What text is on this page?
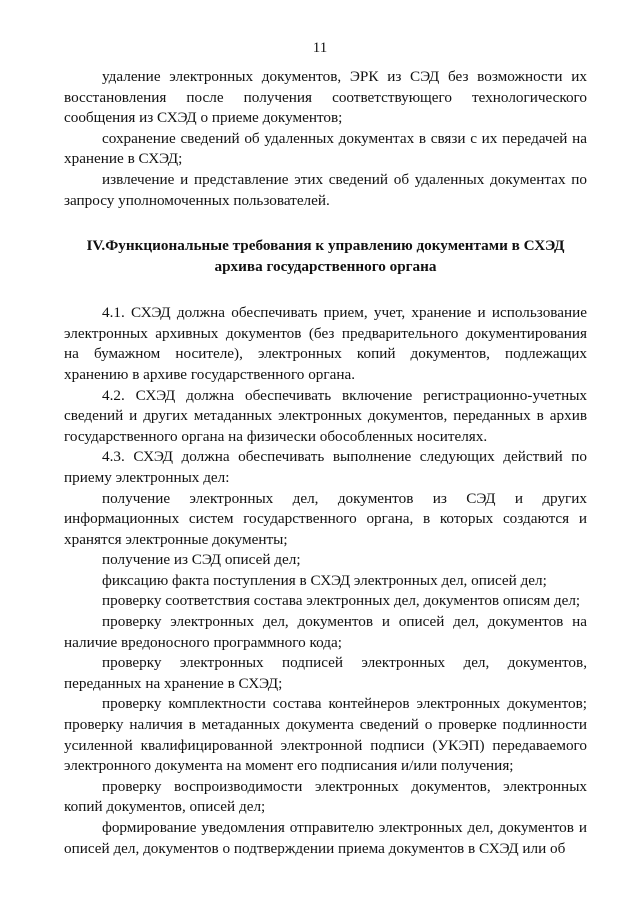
11

удаление электронных документов, ЭРК из СЭД без возможности их восстановления после получения соответствующего технологического сообщения из СХЭД о приеме документов;

сохранение сведений об удаленных документах в связи с их передачей на хранение в СХЭД;

извлечение и представление этих сведений об удаленных документах по запросу уполномоченных пользователей.

IV.Функциональные требования к управлению документами в СХЭД
архива государственного органа

4.1. СХЭД должна обеспечивать прием, учет, хранение и использование электронных архивных документов (без предварительного документирования на бумажном носителе), электронных копий документов, подлежащих хранению в архиве государственного органа.

4.2. СХЭД должна обеспечивать включение регистрационно-учетных сведений и других метаданных электронных документов, переданных в архив государственного органа на физически обособленных носителях.

4.3. СХЭД должна обеспечивать выполнение следующих действий по приему электронных дел:

получение электронных дел, документов из СЭД и других информационных систем государственного органа, в которых создаются и хранятся электронные документы;

получение из СЭД описей дел;

фиксацию факта поступления в СХЭД электронных дел, описей дел;

проверку соответствия состава электронных дел, документов описям дел;

проверку электронных дел, документов и описей дел, документов на наличие вредоносного программного кода;

проверку электронных подписей электронных дел, документов, переданных на хранение в СХЭД;

проверку комплектности состава контейнеров электронных документов; проверку наличия в метаданных документа сведений о проверке подлинности усиленной квалифицированной электронной подписи (УКЭП) передаваемого электронного документа на момент его подписания и/или получения;

проверку воспроизводимости электронных документов, электронных копий документов, описей дел;

формирование уведомления отправителю электронных дел, документов и описей дел, документов о подтверждении приема документов в СХЭД или об
